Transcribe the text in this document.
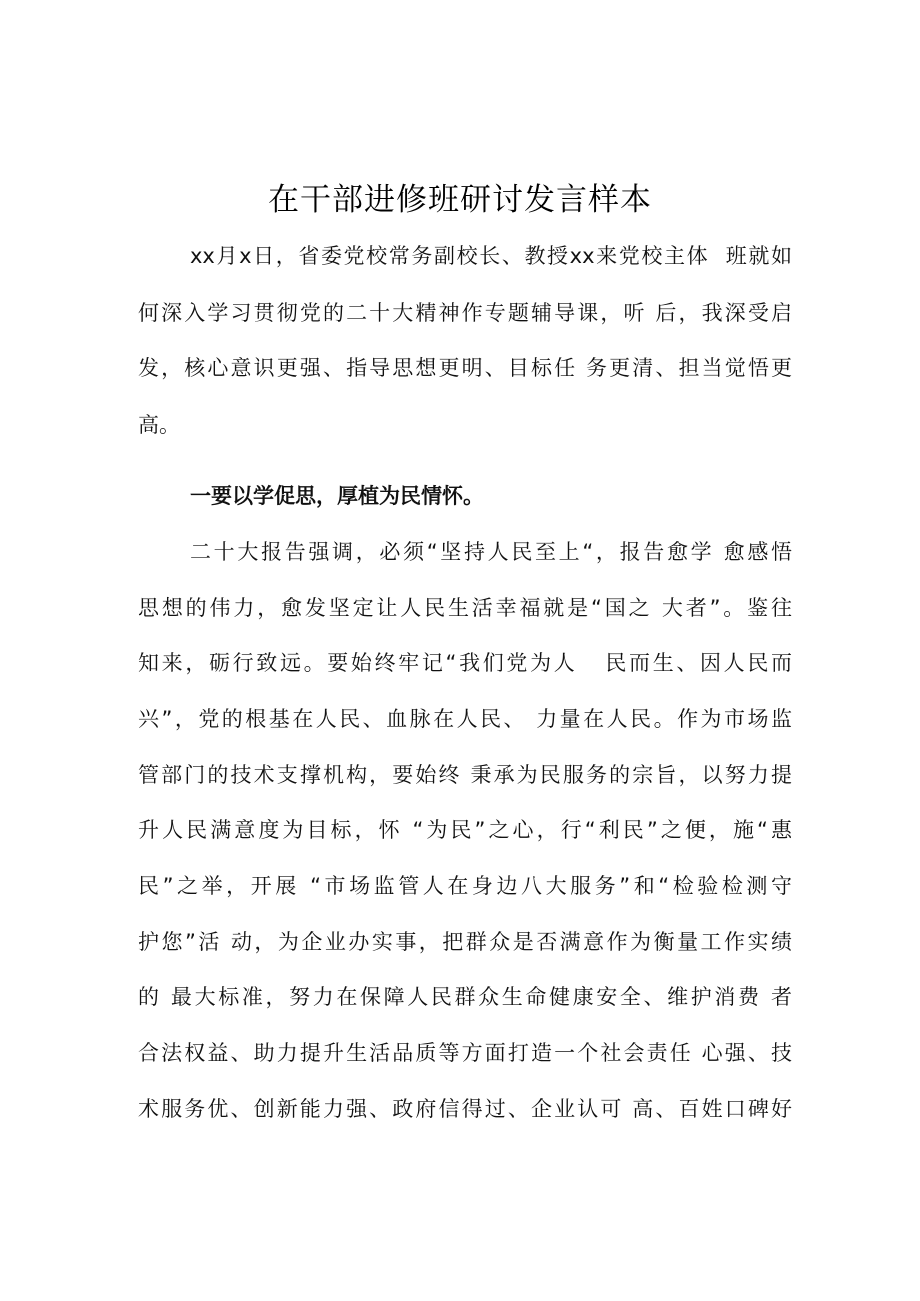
在干部进修班研讨发言样本
xx月x日，省委党校常务副校长、教授xx来党校主体  班就如
何深入学习贯彻党的二十大精神作专题辅导课，听 后，我深受启
发，核心意识更强、指导思想更明、目标任 务更清、担当觉悟更
高。
一要以学促思，厚植为民情怀。
二十大报告强调，必须“坚持人民至上“，报告愈学 愈感悟
思想的伟力，愈发坚定让人民生活幸福就是“国之 大者”。鉴往
知来，砺行致远。要始终牢记“我们党为人   民而生、因人民而
兴”，党的根基在人民、血脉在人民、 力量在人民。作为市场监
管部门的技术支撑机构，要始终 秉承为民服务的宗旨，以努力提
升人民满意度为目标，怀 “为民”之心，行“利民”之便，施“惠
民”之举，开展 “市场监管人在身边八大服务”和“检验检测守
护您”活 动，为企业办实事，把群众是否满意作为衡量工作实绩
的 最大标准，努力在保障人民群众生命健康安全、维护消费 者
合法权益、助力提升生活品质等方面打造一个社会责任 心强、技
术服务优、创新能力强、政府信得过、企业认可 高、百姓口碑好
